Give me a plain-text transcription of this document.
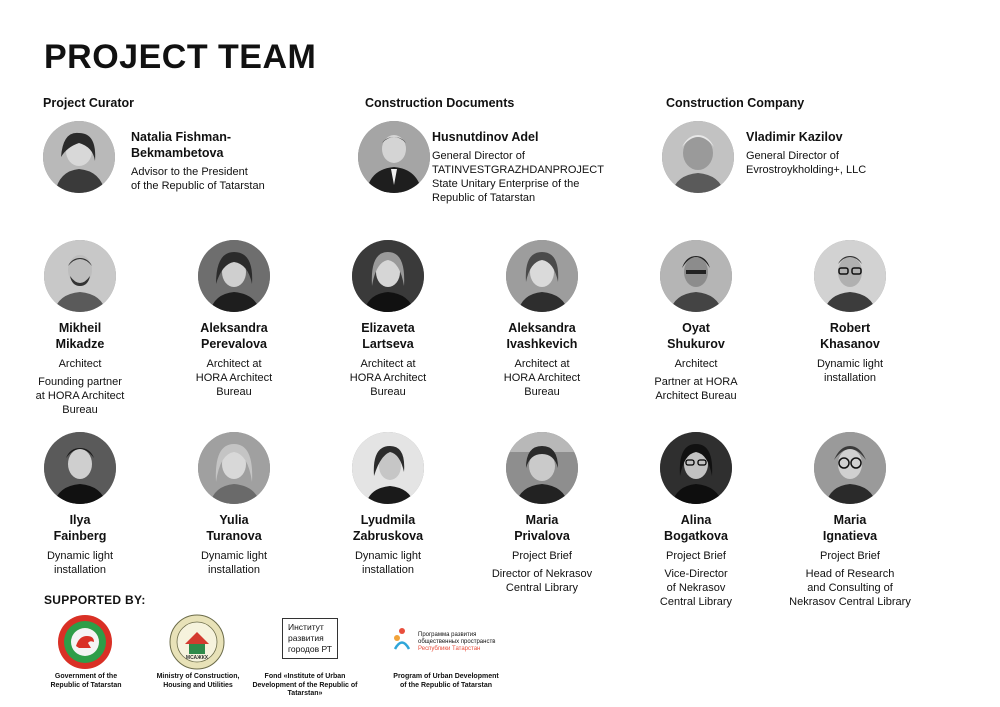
PROJECT TEAM
Project Curator	Construction Documents	Construction Company
Natalia Fishman-
Bekmambetova
Advisor to the President
of the Republic of Tatarstan
Husnutdinov Adel
General Director of
TATINVESTGRAZHDANPROJECT
State Unitary Enterprise of the
Republic of Tatarstan
Vladimir Kazilov
General Director of
Evrostroykholding+, LLC
Mikheil
Mikadze
Architect
Founding partner
at HORA Architect
Bureau
Aleksandra
Perevalova
Architect at
HORA Architect
Bureau
Elizaveta
Lartseva
Architect at
HORA Architect
Bureau
Aleksandra
Ivashkevich
Architect at
HORA Architect
Bureau
Oyat
Shukurov
Architect
Partner at HORA
Architect Bureau
Robert
Khasanov
Dynamic light
installation
Ilya
Fainberg
Dynamic light
installation
Yulia
Turanova
Dynamic light
installation
Lyudmila
Zabruskova
Dynamic light
installation
Maria
Privalova
Project Brief
Director of Nekrasov
Central Library
Alina
Bogatkova
Project Brief
Vice-Director
of Nekrasov
Central Library
Maria
Ignatieva
Project Brief
Head of Research
and Consulting of
Nekrasov Central Library
SUPPORTED BY:
Government of the
Republic of Tatarstan
МСАЖКХ
Ministry of Construction,
Housing and Utilities
Институт
развития
городов РТ
Fond «Institute of Urban
Development of the Republic of
Tatarstan»
Программа развития
общественных пространств
Республики Татарстан
Program of Urban Development
of the Republic of Tatarstan
